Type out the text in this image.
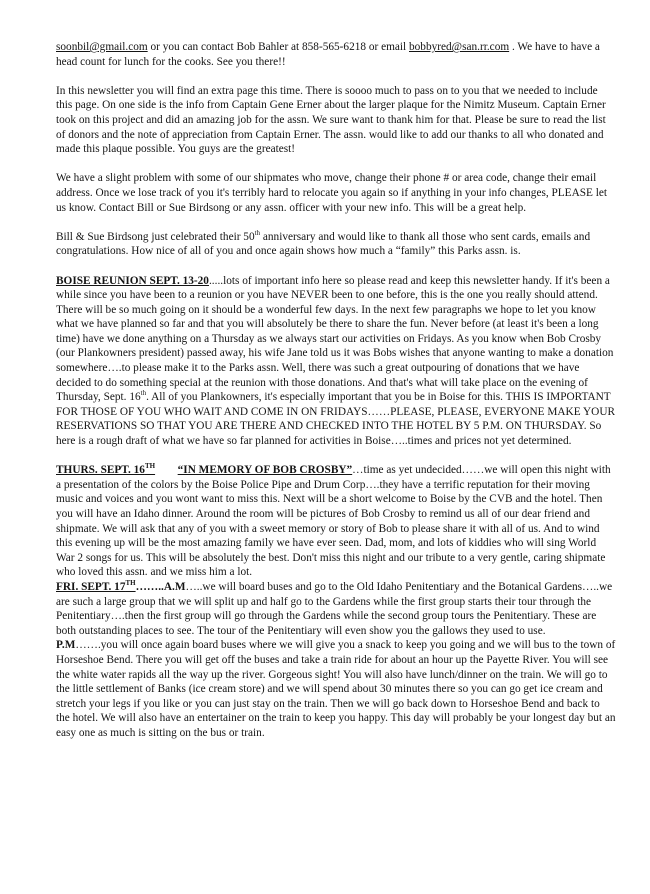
soonbil@gmail.com or you can contact Bob Bahler at 858-565-6218 or email bobbyred@san.rr.com . We have to have a head count for lunch for the cooks. See you there!!

In this newsletter you will find an extra page this time. There is soooo much to pass on to you that we needed to include this page. On one side is the info from Captain Gene Erner about the larger plaque for the Nimitz Museum. Captain Erner took on this project and did an amazing job for the assn. We sure want to thank him for that. Please be sure to read the list of donors and the note of appreciation from Captain Erner. The assn. would like to add our thanks to all who donated and made this plaque possible. You guys are the greatest!

We have a slight problem with some of our shipmates who move, change their phone # or area code, change their email address. Once we lose track of you it's terribly hard to relocate you again so if anything in your info changes, PLEASE let us know. Contact Bill or Sue Birdsong or any assn. officer with your new info. This will be a great help.

Bill & Sue Birdsong just celebrated their 50th anniversary and would like to thank all those who sent cards, emails and congratulations. How nice of all of you and once again shows how much a “family” this Parks assn. is.

BOISE REUNION SEPT. 13-20.....lots of important info here so please read and keep this newsletter handy. If it's been a while since you have been to a reunion or you have NEVER been to one before, this is the one you really should attend. There will be so much going on it should be a wonderful few days. In the next few paragraphs we hope to let you know what we have planned so far and that you will absolutely be there to share the fun. Never before (at least it's been a long time) have we done anything on a Thursday as we always start our activities on Fridays. As you know when Bob Crosby (our Plankowners president) passed away, his wife Jane told us it was Bobs wishes that anyone wanting to make a donation somewhere….to please make it to the Parks assn. Well, there was such a great outpouring of donations that we have decided to do something special at the reunion with those donations. And that's what will take place on the evening of Thursday, Sept. 16th. All of you Plankowners, it's especially important that you be in Boise for this. THIS IS IMPORTANT FOR THOSE OF YOU WHO WAIT AND COME IN ON FRIDAYS……PLEASE, PLEASE, EVERYONE MAKE YOUR RESERVATIONS SO THAT YOU ARE THERE AND CHECKED INTO THE HOTEL BY 5 P.M. ON THURSDAY. So here is a rough draft of what we have so far planned for activities in Boise…..times and prices not yet determined.

THURS. SEPT. 16TH “IN MEMORY OF BOB CROSBY”…time as yet undecided……we will open this night with a presentation of the colors by the Boise Police Pipe and Drum Corp….they have a terrific reputation for their moving music and voices and you wont want to miss this. Next will be a short welcome to Boise by the CVB and the hotel. Then you will have an Idaho dinner. Around the room will be pictures of Bob Crosby to remind us all of our dear friend and shipmate. We will ask that any of you with a sweet memory or story of Bob to please share it with all of us. And to wind this evening up will be the most amazing family we have ever seen. Dad, mom, and lots of kiddies who will sing World War 2 songs for us. This will be absolutely the best. Don't miss this night and our tribute to a very gentle, caring shipmate who loved this assn. and we miss him a lot.

FRI. SEPT. 17TH……..A.M…..we will board buses and go to the Old Idaho Penitentiary and the Botanical Gardens…..we are such a large group that we will split up and half go to the Gardens while the first group starts their tour through the Penitentiary….then the first group will go through the Gardens while the second group tours the Penitentiary. These are both outstanding places to see. The tour of the Penitentiary will even show you the gallows they used to use.

P.M…….you will once again board buses where we will give you a snack to keep you going and we will bus to the town of Horseshoe Bend. There you will get off the buses and take a train ride for about an hour up the Payette River. You will see the white water rapids all the way up the river. Gorgeous sight! You will also have lunch/dinner on the train. We will go to the little settlement of Banks (ice cream store) and we will spend about 30 minutes there so you can go get ice cream and stretch your legs if you like or you can just stay on the train. Then we will go back down to Horseshoe Bend and back to the hotel. We will also have an entertainer on the train to keep you happy. This day will probably be your longest day but an easy one as much is sitting on the bus or train.
